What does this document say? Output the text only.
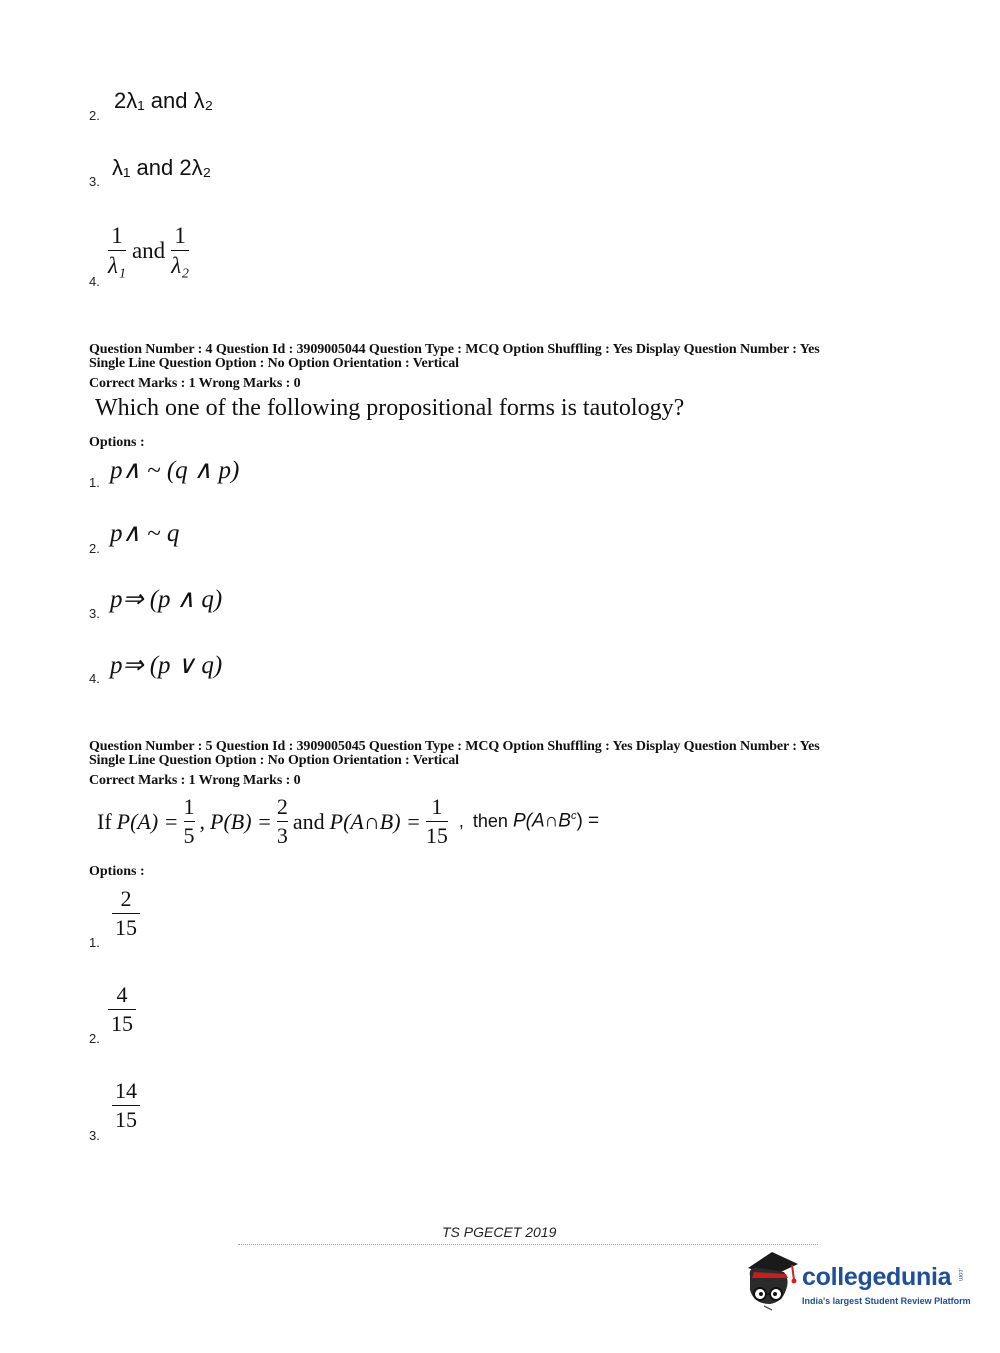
2.
2λ₁ and λ₂
3.
λ₁ and 2λ₂
4.
$\frac{1}{\text{λ₁}}$ and $\frac{1}{\text{λ₂}}$
Question Number : 4 Question Id : 3909005044 Question Type : MCQ Option Shuffling : Yes Display Question Number : Yes
Single Line Question Option : No Option Orientation : Vertical
Correct Marks : 1 Wrong Marks : 0
Which one of the following propositional forms is tautology?
Options :
1. p∧ ~ (q ∧ p)
2.
p∧ ~ q
3.
p⇒ (p ∧ q)
4. p⇒ (p ∨ q)
Question Number : 5 Question Id : 3909005045 Question Type : MCQ Option Shuffling : Yes Display Question Number : Yes
Single Line Question Option : No Option Orientation : Vertical
Correct Marks : 1 Wrong Marks : 0
If $P(A) = \frac{1}{5}$ , $P(B) = \frac{2}{3}$ and P(A∩B) = $\frac{1}{15}$ , then $P(A\cap B^c)$ =
Options :
1.
2
15
2.
4
15
3.
14
15
TS PGECET 2019
collegedunia .com
India's largest Student Review Platform
